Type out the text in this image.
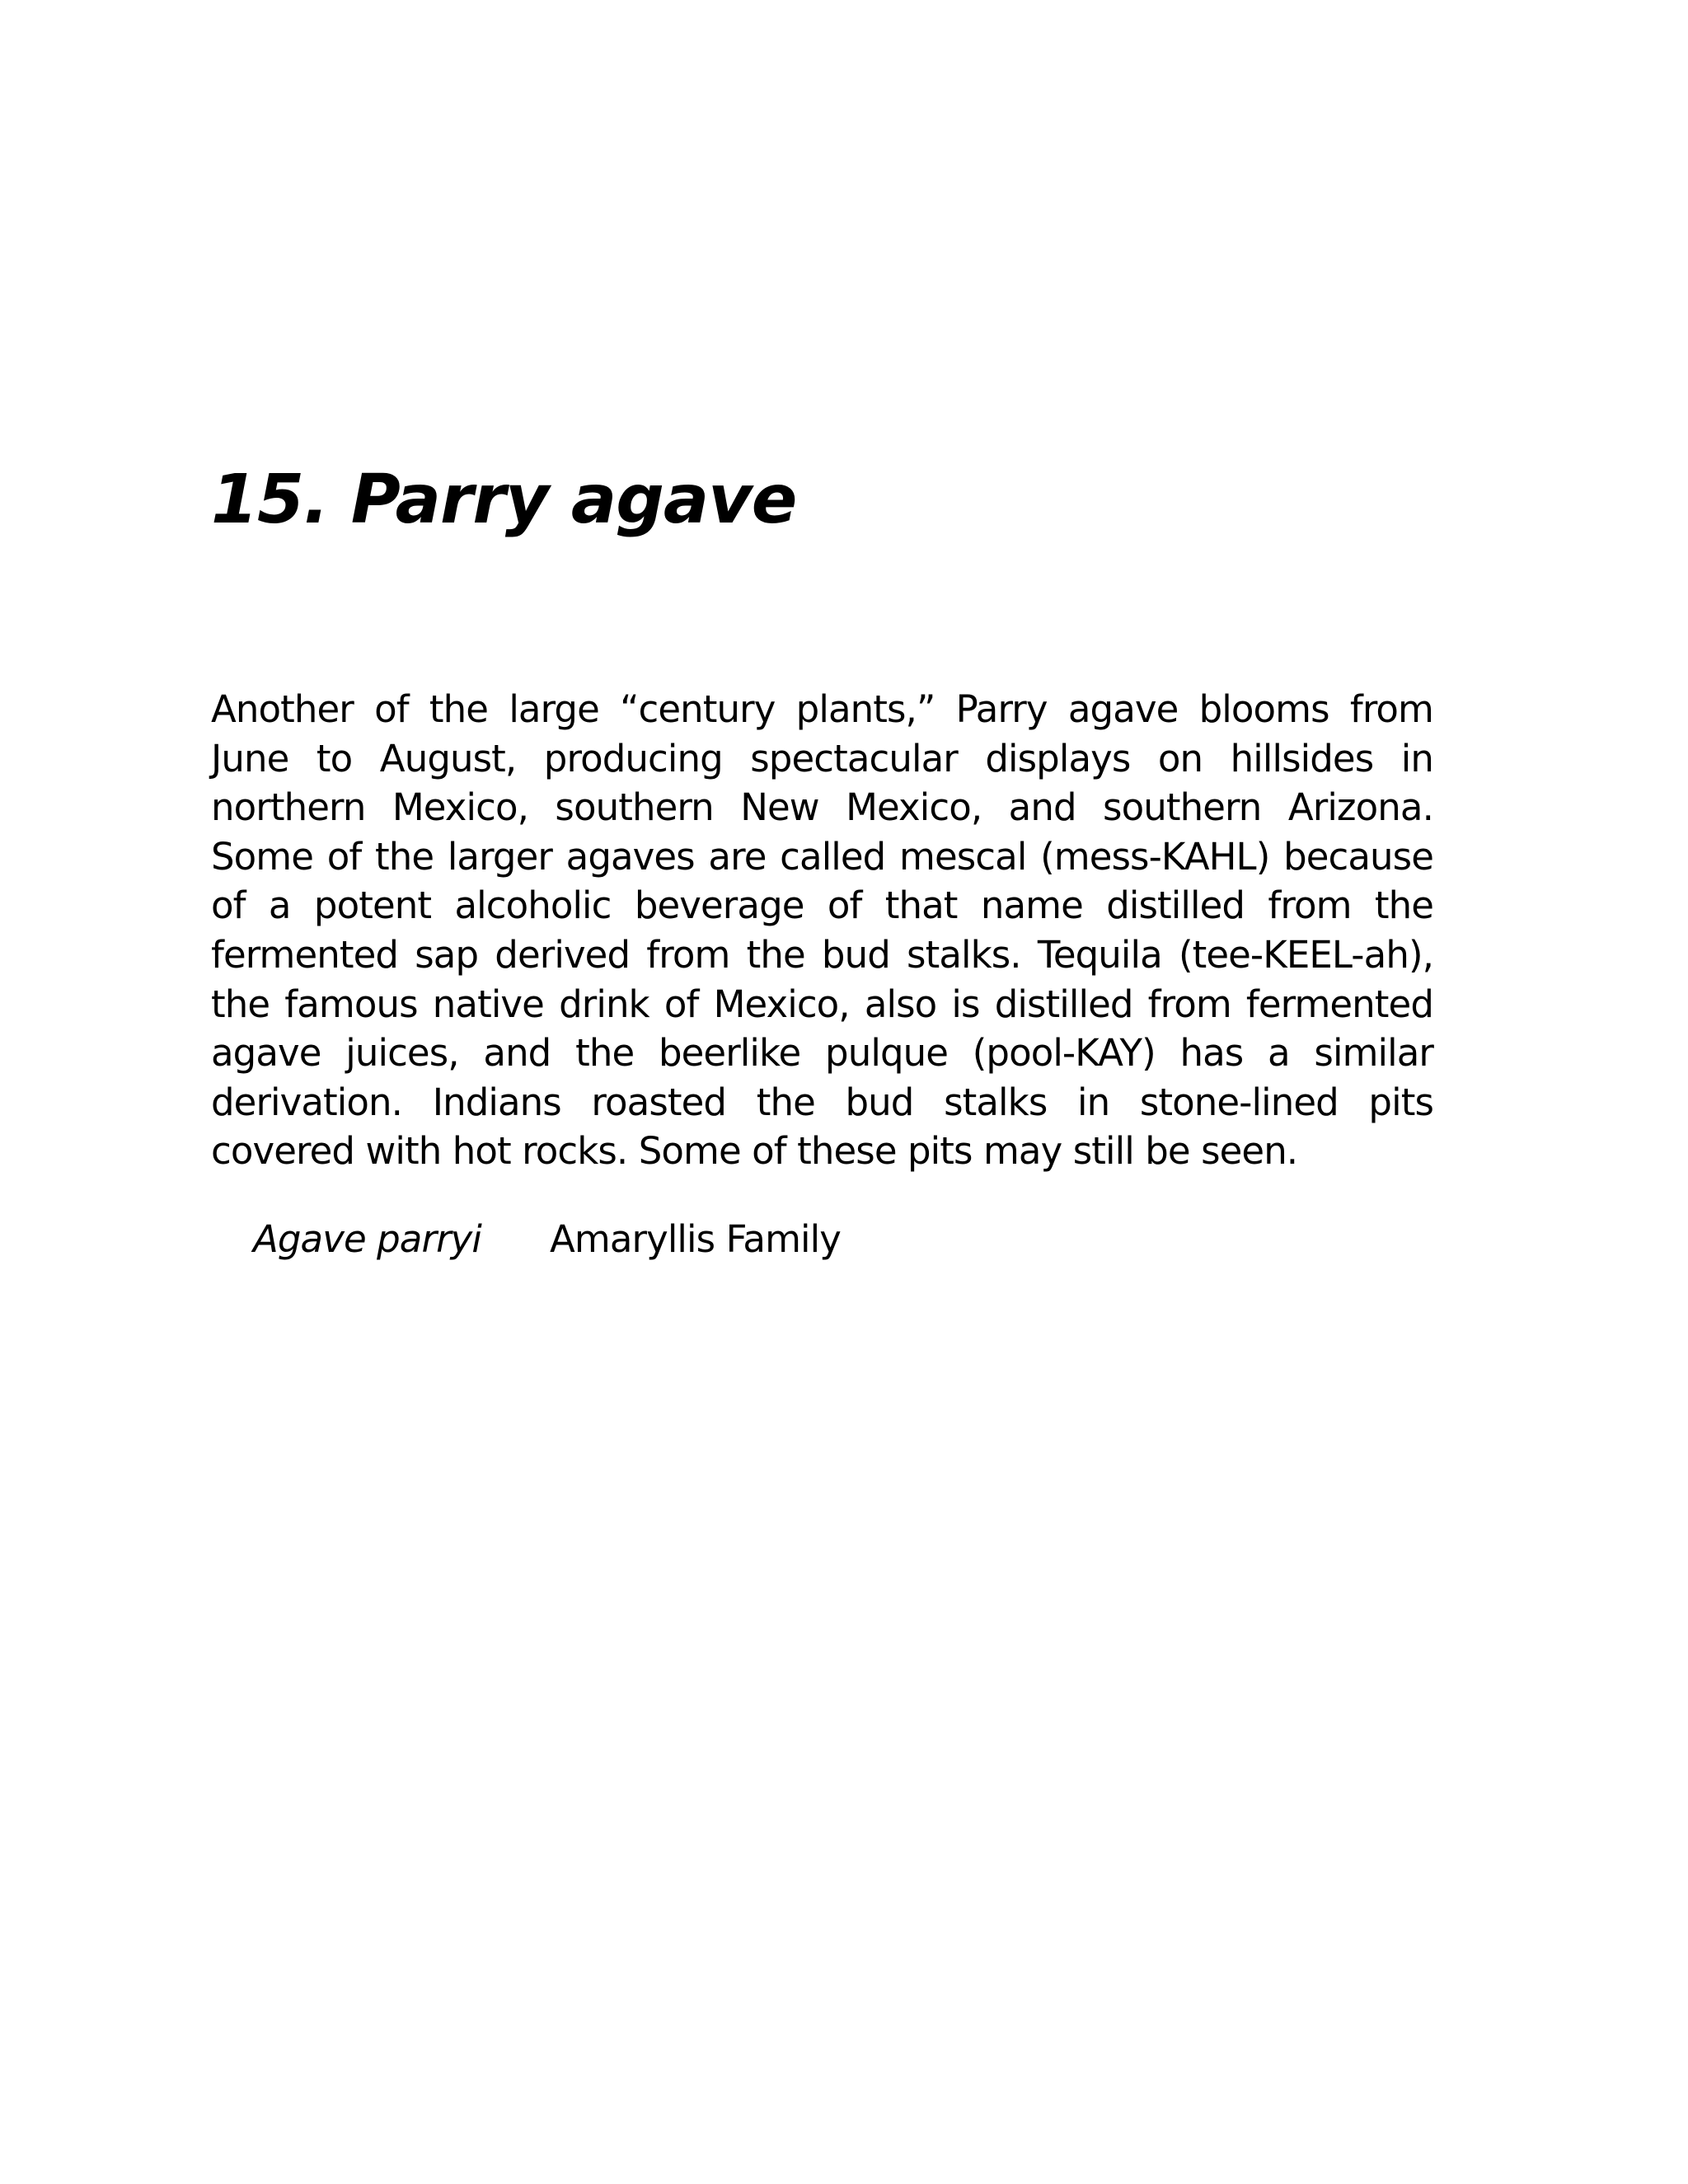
15. Parry agave

Another of the large “century plants,” Parry agave blooms from June to August, producing spectacular displays on hillsides in northern Mexico, southern New Mexico, and southern Arizona. Some of the larger agaves are called mescal (mess-KAHL) because of a potent alcoholic beverage of that name distilled from the fermented sap derived from the bud stalks. Tequila (tee-KEEL-ah), the famous native drink of Mexico, also is distilled from fermented agave juices, and the beerlike pulque (pool-KAY) has a similar derivation. Indians roasted the bud stalks in stone-lined pits covered with hot rocks. Some of these pits may still be seen.

Agave parryi Amaryllis Family
